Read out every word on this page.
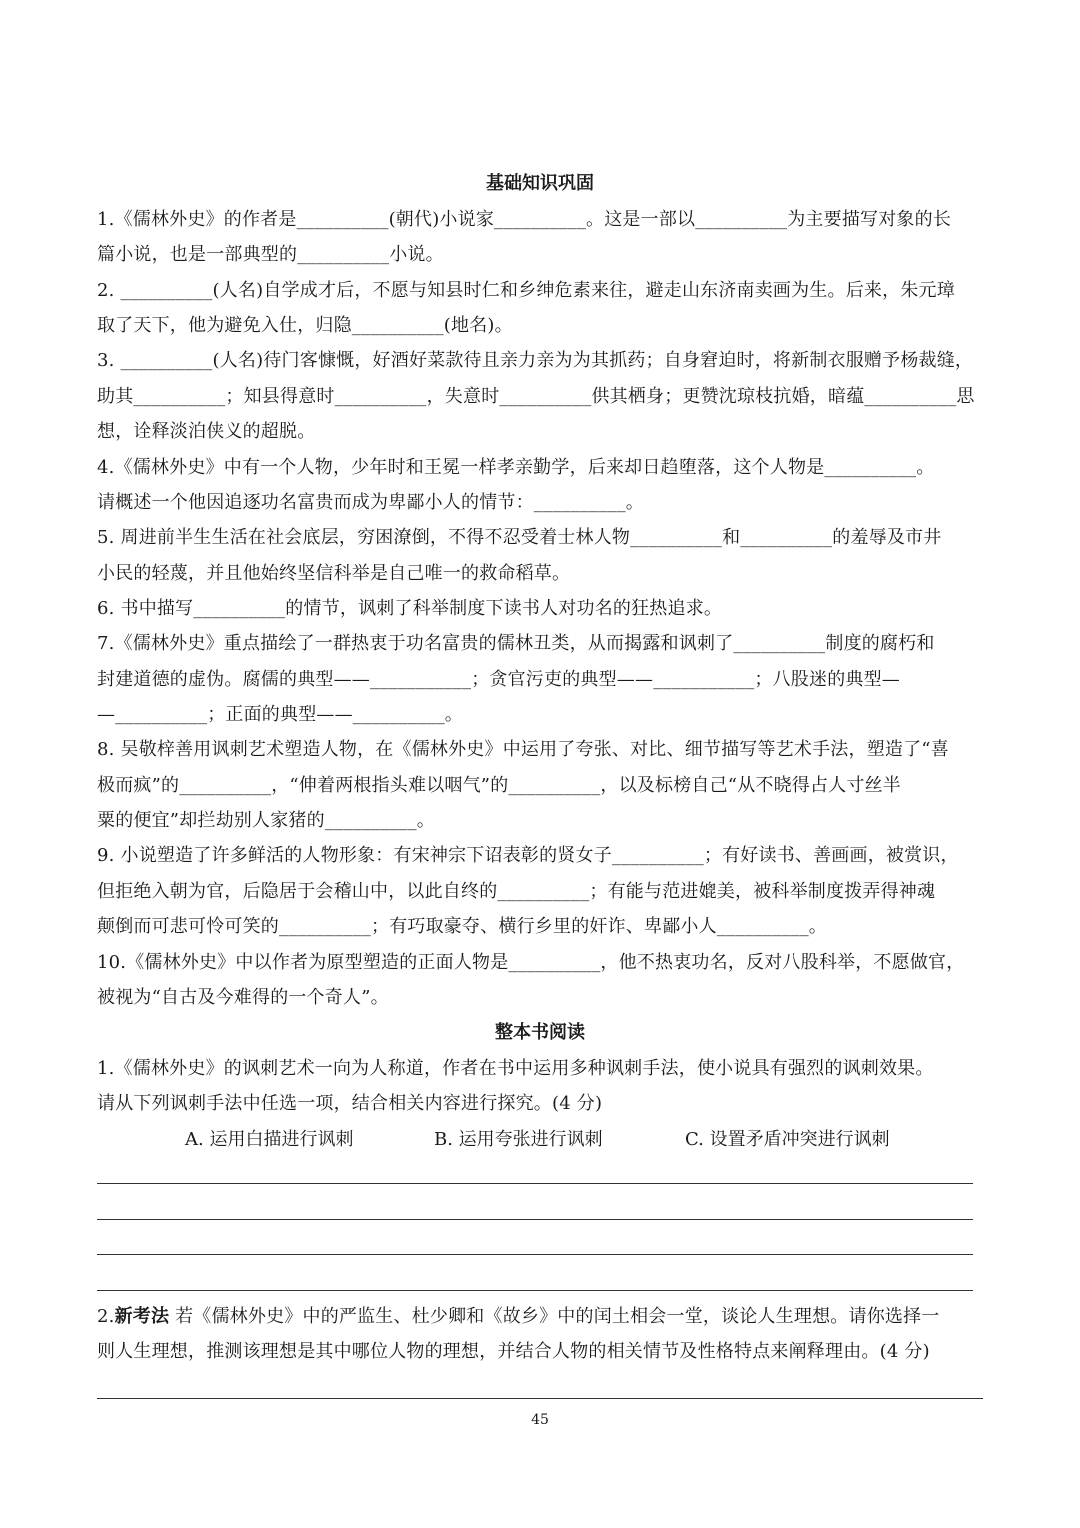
基础知识巩固
1.《儒林外史》的作者是__________(朝代)小说家__________。这是一部以__________为主要描写对象的长
篇小说，也是一部典型的__________小说。
2. __________(人名)自学成才后，不愿与知县时仁和乡绅危素来往，避走山东济南卖画为生。后来，朱元璋
取了天下，他为避免入仕，归隐__________(地名)。
3. __________(人名)待门客慷慨，好酒好菜款待且亲力亲为为其抓药；自身窘迫时，将新制衣服赠予杨裁缝，
助其__________；知县得意时__________，失意时__________供其栖身；更赞沈琼枝抗婚，暗蕴__________思
想，诠释淡泊侠义的超脱。
4.《儒林外史》中有一个人物，少年时和王冕一样孝亲勤学，后来却日趋堕落，这个人物是__________。
请概述一个他因追逐功名富贵而成为卑鄙小人的情节：__________。
5. 周进前半生生活在社会底层，穷困潦倒，不得不忍受着士林人物__________和__________的羞辱及市井
小民的轻蔑，并且他始终坚信科举是自己唯一的救命稻草。
6. 书中描写__________的情节，讽刺了科举制度下读书人对功名的狂热追求。
7.《儒林外史》重点描绘了一群热衷于功名富贵的儒林丑类，从而揭露和讽刺了__________制度的腐朽和
封建道德的虚伪。腐儒的典型——___________；贪官污吏的典型——___________；八股迷的典型—
—__________；正面的典型——__________。
8. 吴敬梓善用讽刺艺术塑造人物，在《儒林外史》中运用了夸张、对比、细节描写等艺术手法，塑造了“喜
极而疯”的__________，“伸着两根指头难以咽气”的__________，以及标榜自己“从不晓得占人寸丝半
粟的便宜”却拦劫别人家猪的__________。
9. 小说塑造了许多鲜活的人物形象：有宋神宗下诏表彰的贤女子__________；有好读书、善画画，被赏识，
但拒绝入朝为官，后隐居于会稽山中，以此自终的__________；有能与范进媲美，被科举制度拨弄得神魂
颠倒而可悲可怜可笑的__________；有巧取豪夺、横行乡里的奸诈、卑鄙小人__________。
10.《儒林外史》中以作者为原型塑造的正面人物是__________，他不热衷功名，反对八股科举，不愿做官，
被视为“自古及今难得的一个奇人”。
整本书阅读
1.《儒林外史》的讽刺艺术一向为人称道，作者在书中运用多种讽刺手法，使小说具有强烈的讽刺效果。
请从下列讽刺手法中任选一项，结合相关内容进行探究。(4 分)
A. 运用白描进行讽刺	B. 运用夸张进行讽刺	C. 设置矛盾冲突进行讽刺
2.新考法 若《儒林外史》中的严监生、杜少卿和《故乡》中的闰土相会一堂，谈论人生理想。请你选择一
则人生理想，推测该理想是其中哪位人物的理想，并结合人物的相关情节及性格特点来阐释理由。(4 分)
45
